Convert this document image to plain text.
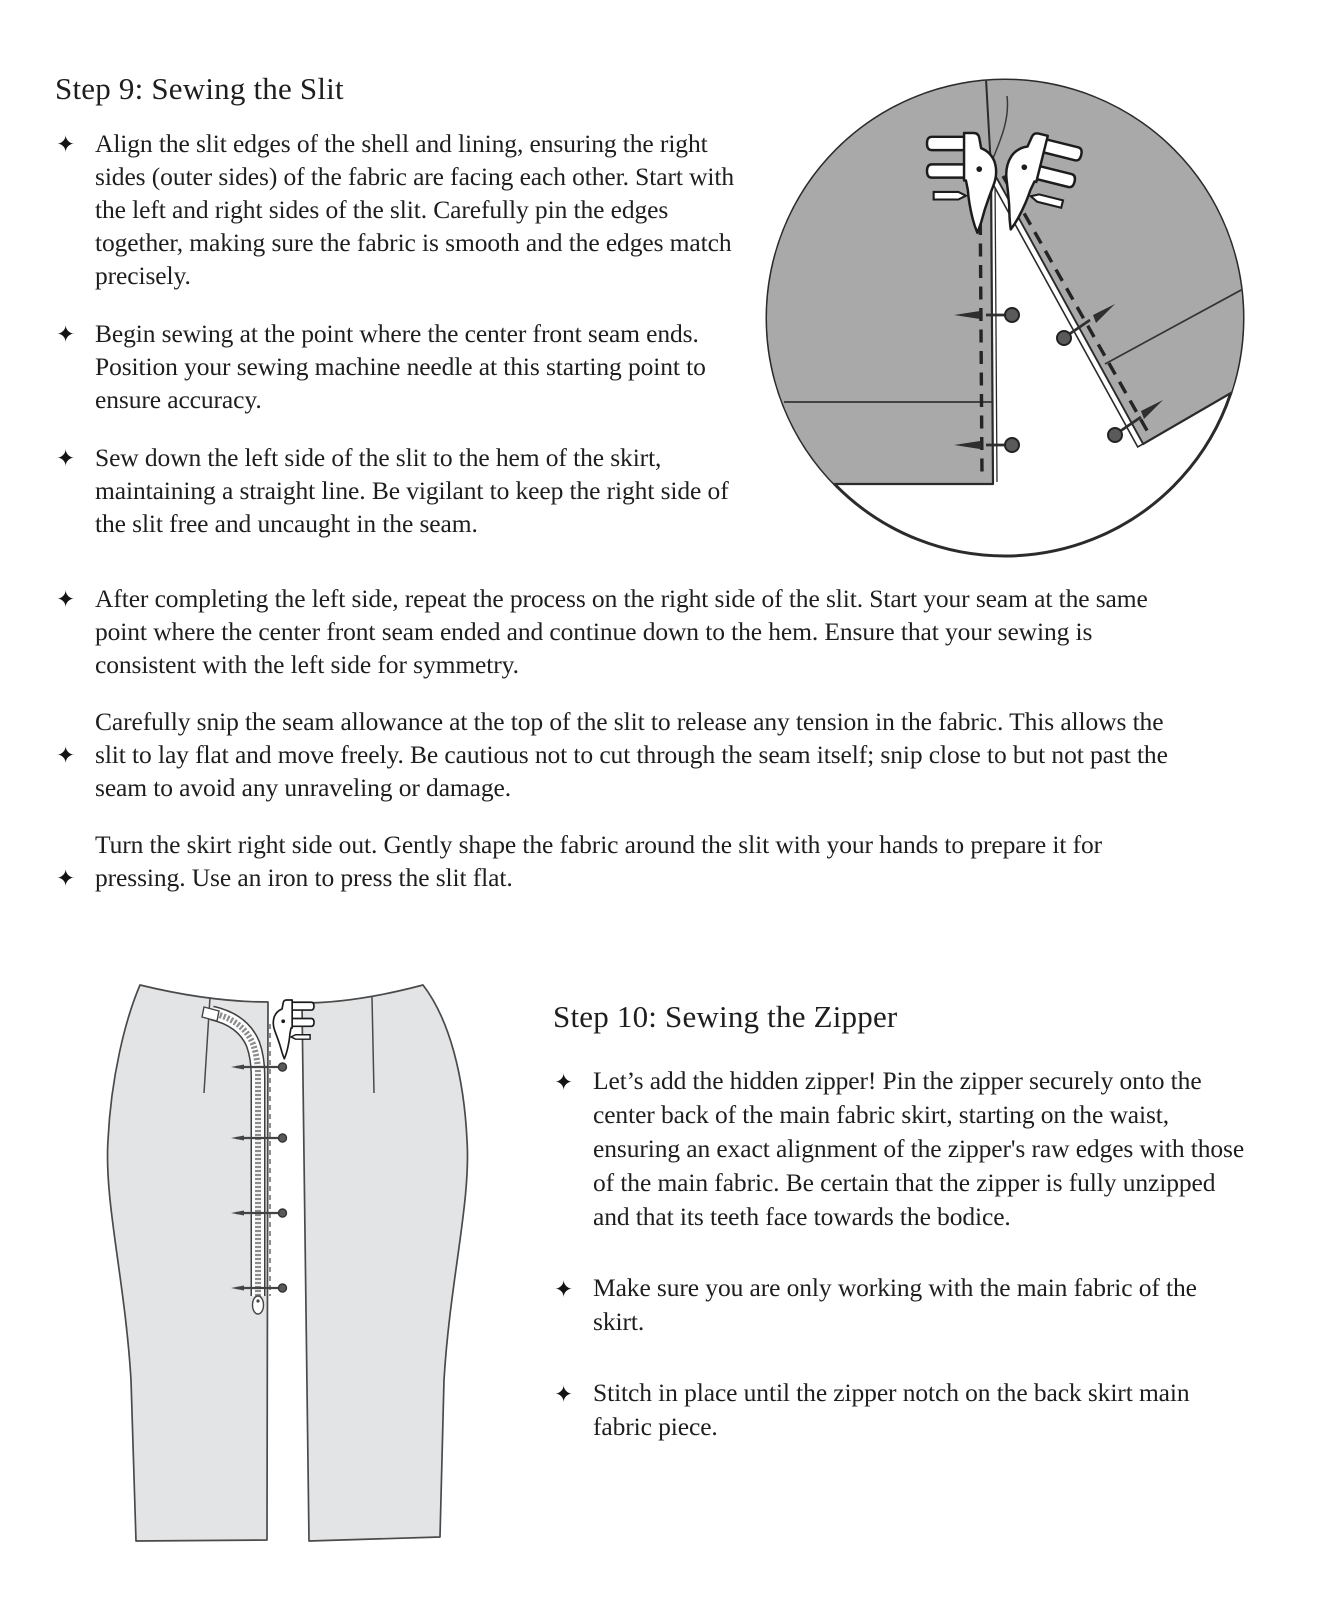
Step 9: Sewing the Slit
✦ Align the slit edges of the shell and lining, ensuring the right sides (outer sides) of the fabric are facing each other. Start with the left and right sides of the slit. Carefully pin the edges together, making sure the fabric is smooth and the edges match precisely.
✦ Begin sewing at the point where the center front seam ends. Position your sewing machine needle at this starting point to ensure accuracy.
✦ Sew down the left side of the slit to the hem of the skirt, maintaining a straight line. Be vigilant to keep the right side of the slit free and uncaught in the seam.
✦ After completing the left side, repeat the process on the right side of the slit. Start your seam at the same point where the center front seam ended and continue down to the hem. Ensure that your sewing is consistent with the left side for symmetry.
✦
Carefully snip the seam allowance at the top of the slit to release any tension in the fabric. This allows the slit to lay flat and move freely. Be cautious not to cut through the seam itself; snip close to but not past the seam to avoid any unraveling or damage.
✦
Turn the skirt right side out. Gently shape the fabric around the slit with your hands to prepare it for pressing. Use an iron to press the slit flat.
Step 10: Sewing the Zipper
✦ Let’s add the hidden zipper! Pin the zipper securely onto the center back of the main fabric skirt, starting on the waist, ensuring an exact alignment of the zipper's raw edges with those of the main fabric. Be certain that the zipper is fully unzipped and that its teeth face towards the bodice.
✦ Make sure you are only working with the main fabric of the skirt.
✦ Stitch in place until the zipper notch on the back skirt main fabric piece.
